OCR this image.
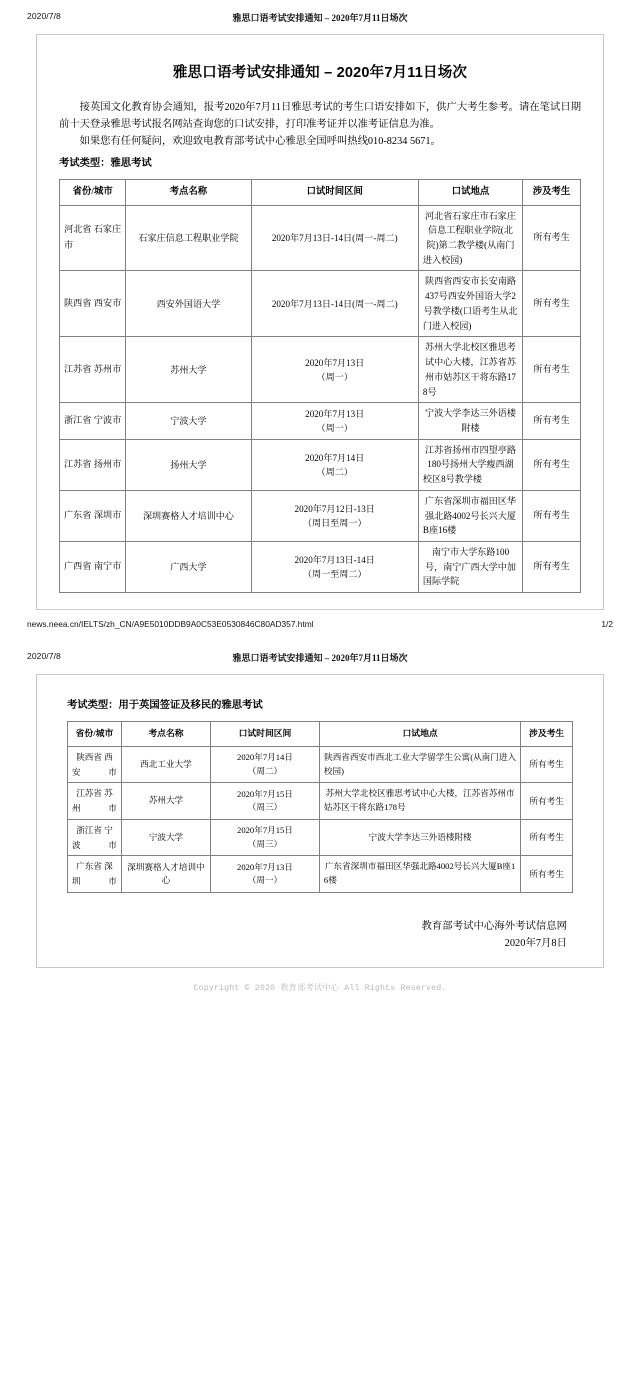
2020/7/8	雅思口语考试安排通知 – 2020年7月11日场次
雅思口语考试安排通知 – 2020年7月11日场次

接英国文化教育协会通知，报考2020年7月11日雅思考试的考生口语安排如下，供广大考生参考。请在笔试日期前十天登录雅思考试报名网站查询您的口试安排，打印准考证并以准考证信息为准。

如果您有任何疑问，欢迎致电教育部考试中心雅思全国呼叫热线010-8234 5671。

考试类型：雅思考试
省份/城市	考点名称	口试时间区间	口试地点	涉及考生
河北省 石家庄市	石家庄信息工程职业学院	2020年7月13日-14日(周一-周二)	河北省石家庄市石家庄信息工程职业学院(北院)第二教学楼(从南门进入校园)	所有考生
陕西省 西安市	西安外国语大学	2020年7月13日-14日(周一-周二)	陕西省西安市长安南路437号西安外国语大学2号教学楼(口语考生从北门进入校园)	所有考生
江苏省 苏州市	苏州大学	2020年7月13日
（周一）	苏州大学北校区雅思考试中心大楼，江苏省苏州市姑苏区干将东路178号	所有考生
浙江省 宁波市	宁波大学	2020年7月13日
（周一）	宁波大学李达三外语楼附楼	所有考生
江苏省 扬州市	扬州大学	2020年7月14日
（周二）	江苏省扬州市四望亭路180号扬州大学瘦西湖校区8号教学楼	所有考生
广东省 深圳市	深圳赛格人才培训中心	2020年7月12日-13日
（周日至周一）	广东省深圳市福田区华强北路4002号长兴大厦B座16楼	所有考生
广西省 南宁市	广西大学	2020年7月13日-14日
（周一至周二）	南宁市大学东路100号，南宁广西大学中加国际学院	所有考生
news.neea.cn/IELTS/zh_CN/A9E5010DDB9A0C53E0530846C80AD357.html	1/2
2020/7/8	雅思口语考试安排通知 – 2020年7月11日场次
考试类型：用于英国签证及移民的雅思考试
省份/城市	考点名称	口试时间区间	口试地点	涉及考生
陕西省 西安市	西北工业大学	2020年7月14日
（周二）	陕西省西安市西北工业大学留学生公寓(从南门进入校园)	所有考生
江苏省 苏州市	苏州大学	2020年7月15日
（周三）	苏州大学北校区雅思考试中心大楼，江苏省苏州市姑苏区干将东路178号	所有考生
浙江省 宁波市	宁波大学	2020年7月15日
（周三）	宁波大学李达三外语楼附楼	所有考生
广东省 深圳市	深圳赛格人才培训中心	2020年7月13日
（周一）	广东省深圳市福田区华强北路4002号长兴大厦B座16楼	所有考生
教育部考试中心海外考试信息网
2020年7月8日
Copyright © 2020 教育部考试中心 All Rights Reserved.
